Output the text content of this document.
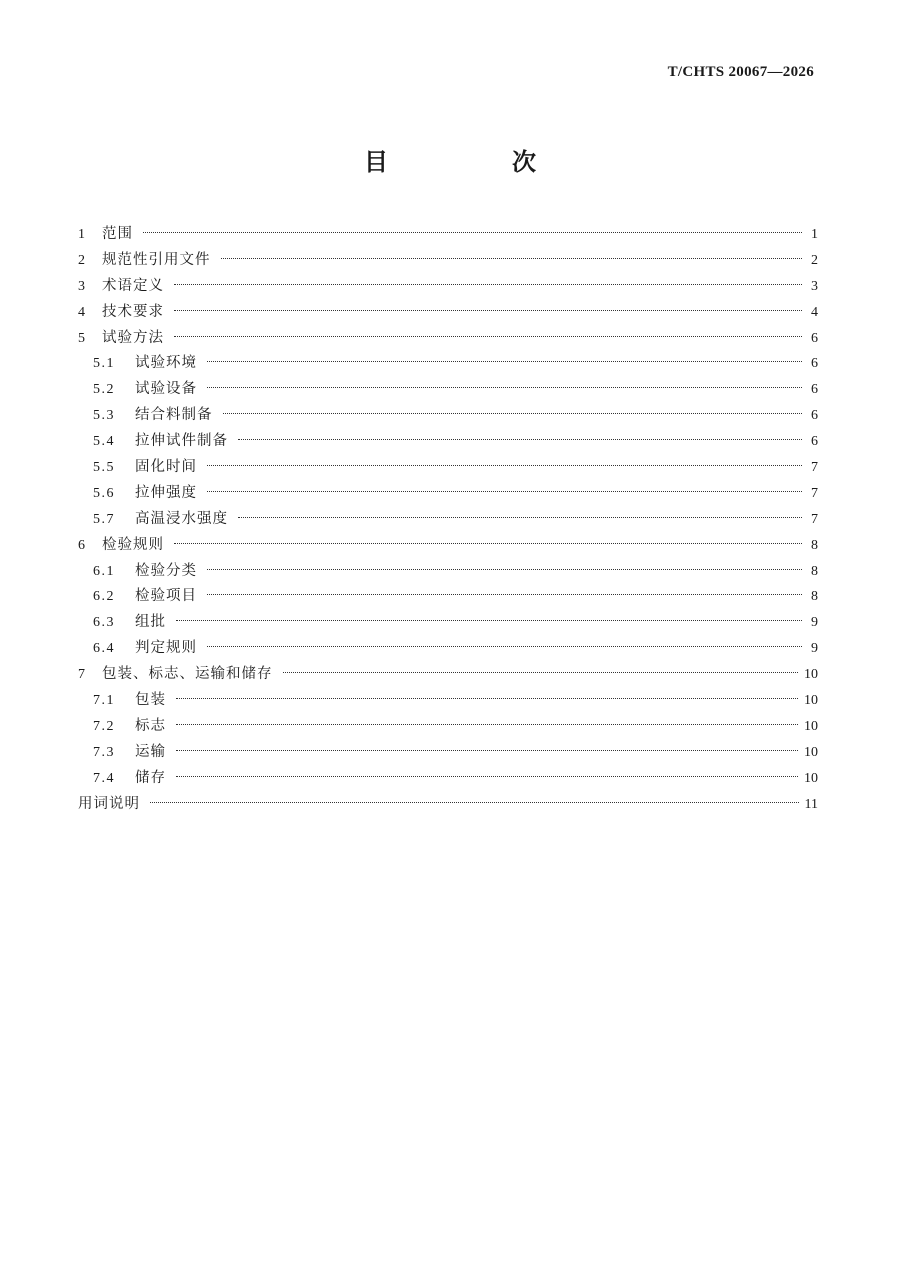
T/CHTS 20067—2026
目　次
1	范围	1
2	规范性引用文件	2
3	术语定义	3
4	技术要求	4
5	试验方法	6
5.1	试验环境	6
5.2	试验设备	6
5.3	结合料制备	6
5.4	拉伸试件制备	6
5.5	固化时间	7
5.6	拉伸强度	7
5.7	高温浸水强度	7
6	检验规则	8
6.1	检验分类	8
6.2	检验项目	8
6.3	组批	9
6.4	判定规则	9
7	包装、标志、运输和储存	10
7.1	包装	10
7.2	标志	10
7.3	运输	10
7.4	储存	10
用词说明	11
